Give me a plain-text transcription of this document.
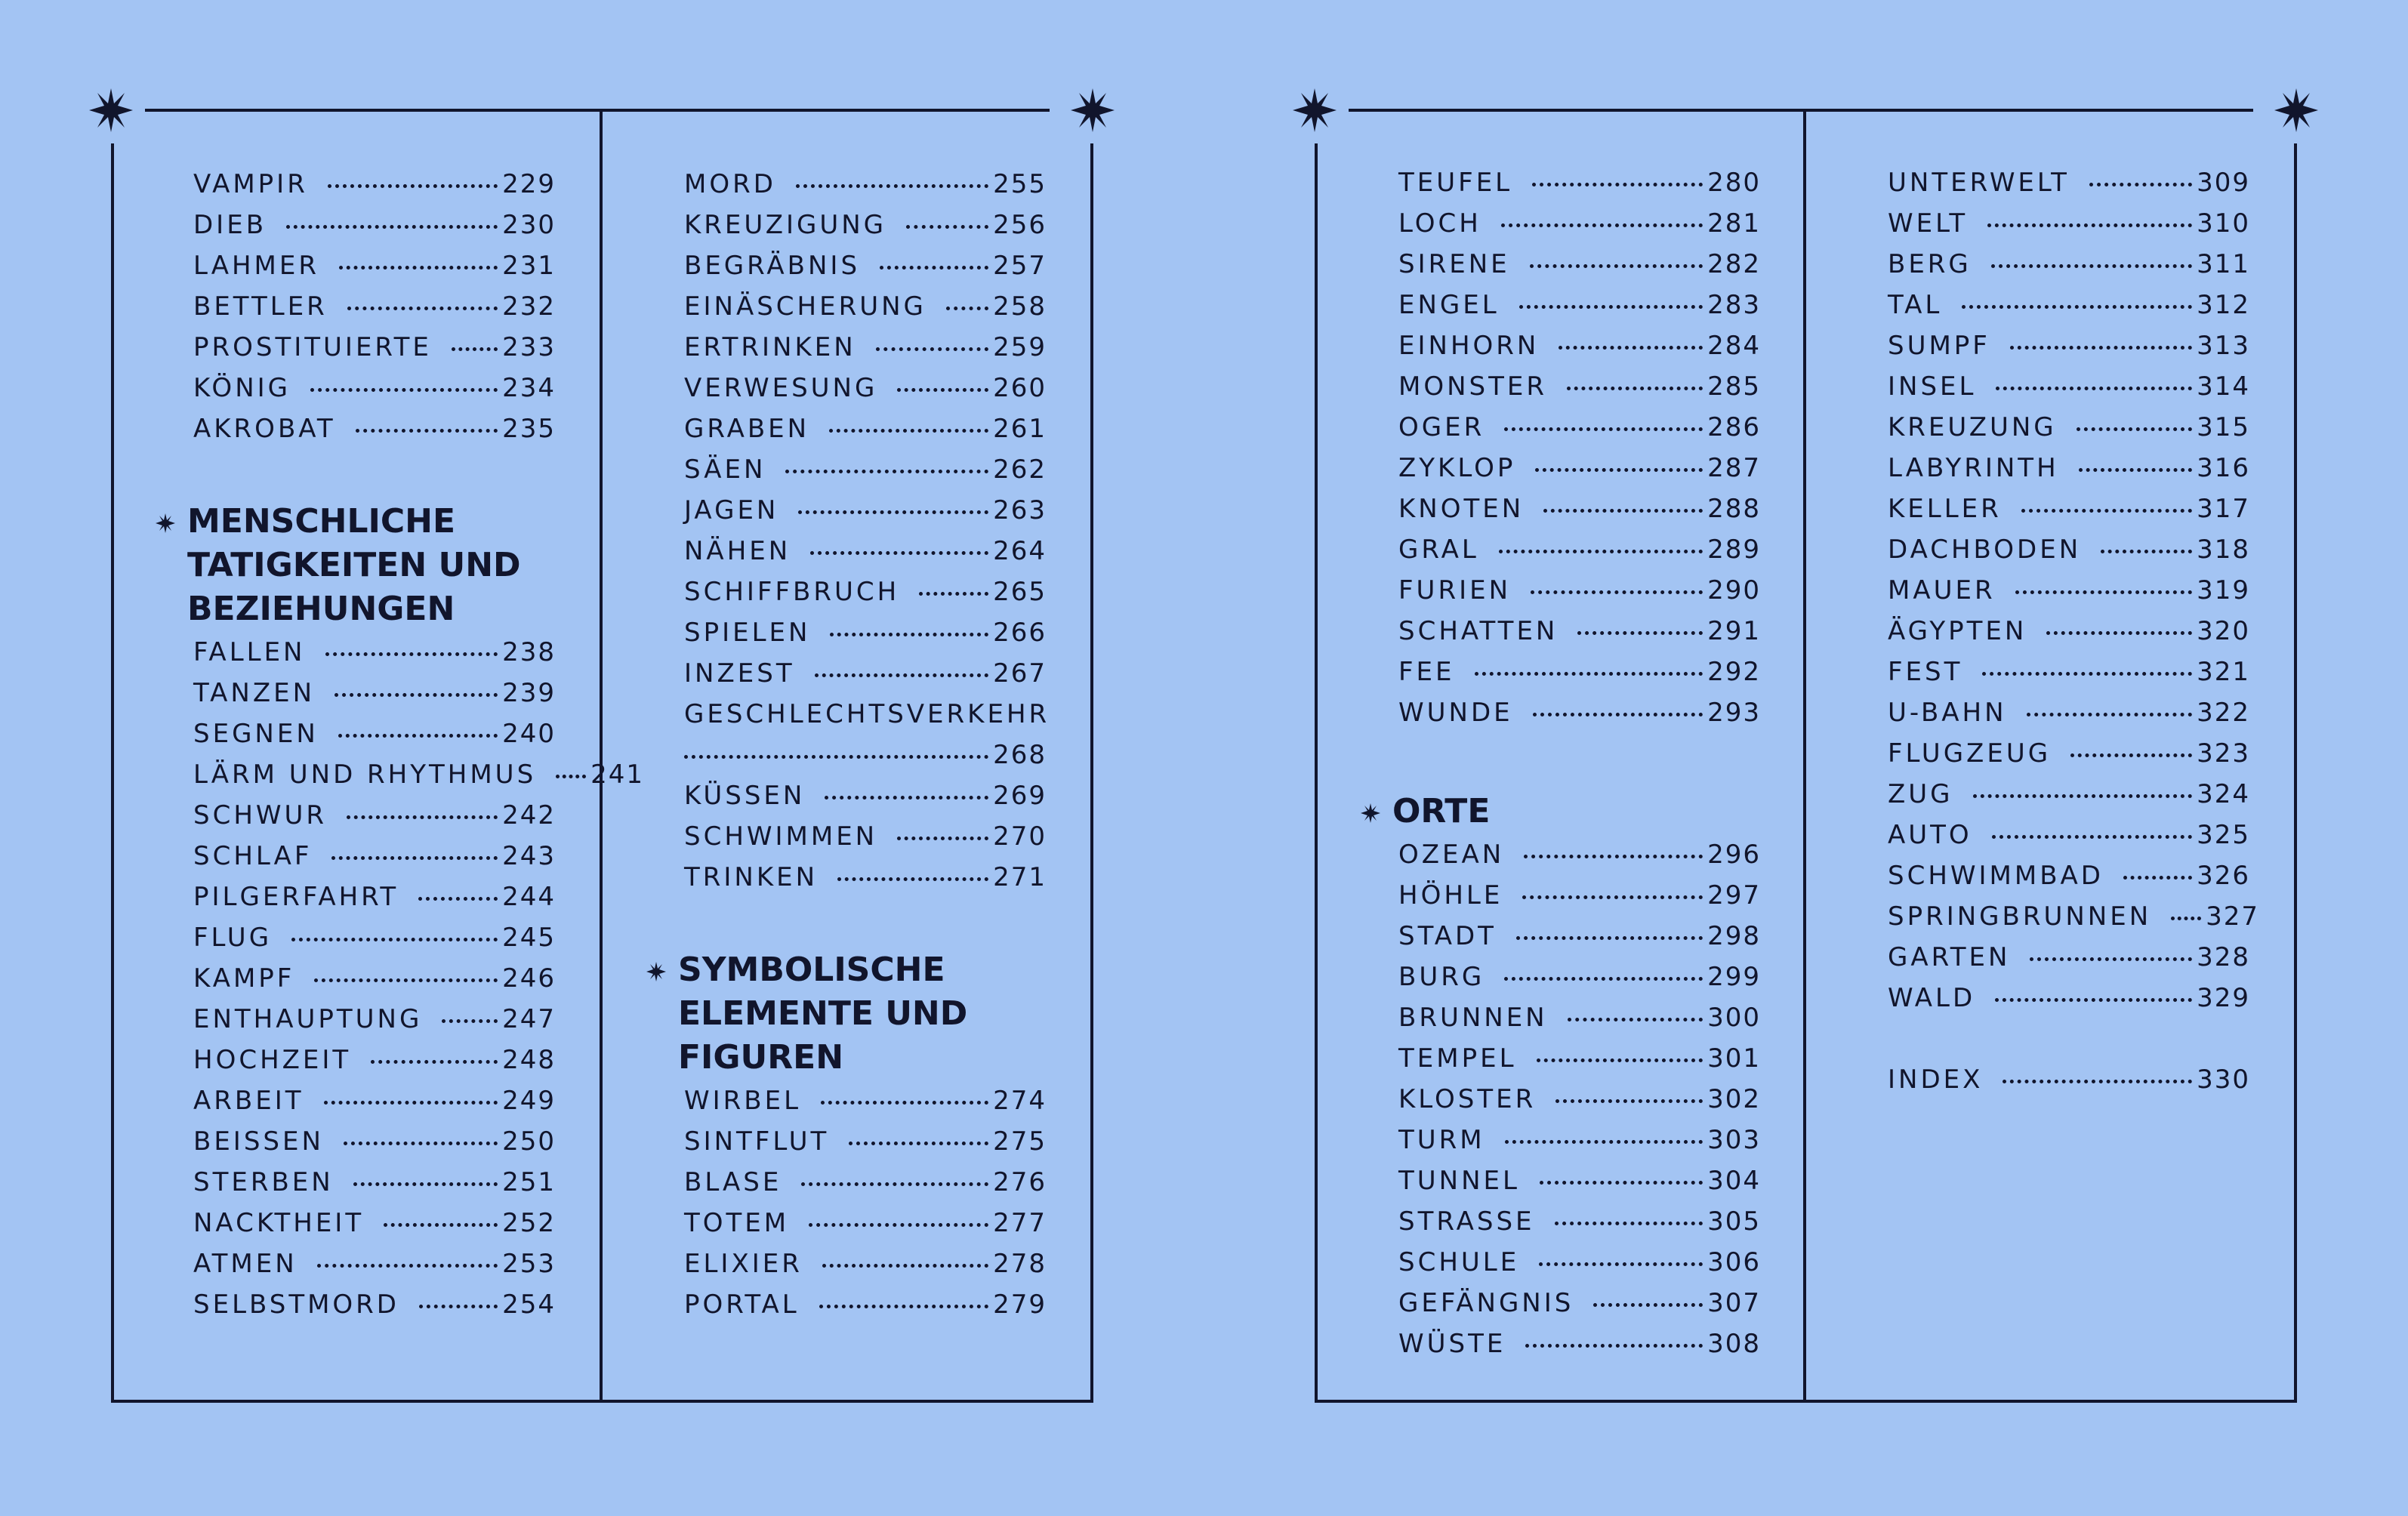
VAMPIR	229
DIEB	230
LAHMER	231
BETTLER	232
PROSTITUIERTE	233
KÖNIG	234
AKROBAT	235
MENSCHLICHE
TATIGKEITEN UND
BEZIEHUNGEN
FALLEN	238
TANZEN	239
SEGNEN	240
LÄRM UND RHYTHMUS 241
SCHWUR	242
SCHLAF	243
PILGERFAHRT	244
FLUG	245
KAMPF	246
ENTHAUPTUNG	247
HOCHZEIT	248
ARBEIT	249
BEISSEN	250
STERBEN	251
NACKTHEIT	252
ATMEN	253
SELBSTMORD	254
MORD	255
KREUZIGUNG	256
BEGRÄBNIS	257
EINÄSCHERUNG	258
ERTRINKEN	259
VERWESUNG	260
GRABEN	261
SÄEN	262
JAGEN	263
NÄHEN	264
SCHIFFBRUCH	265
SPIELEN	266
INZEST	267
GESCHLECHTSVERKEHR
268
KÜSSEN	269
SCHWIMMEN	270
TRINKEN	271
SYMBOLISCHE
ELEMENTE UND
FIGUREN
WIRBEL	274
SINTFLUT	275
BLASE	276
TOTEM	277
ELIXIER	278
PORTAL	279
TEUFEL	280
LOCH	281
SIRENE	282
ENGEL	283
EINHORN	284
MONSTER	285
OGER	286
ZYKLOP	287
KNOTEN	288
GRAL	289
FURIEN	290
SCHATTEN	291
FEE	292
WUNDE	293
ORTE
OZEAN	296
HÖHLE	297
STADT	298
BURG	299
BRUNNEN	300
TEMPEL	301
KLOSTER	302
TURM	303
TUNNEL	304
STRASSE	305
SCHULE	306
GEFÄNGNIS	307
WÜSTE	308
UNTERWELT	309
WELT	310
BERG	311
TAL	312
SUMPF	313
INSEL	314
KREUZUNG	315
LABYRINTH	316
KELLER	317
DACHBODEN	318
MAUER	319
ÄGYPTEN	320
FEST	321
U-BAHN	322
FLUGZEUG	323
ZUG	324
AUTO	325
SCHWIMMBAD	326
SPRINGBRUNNEN 327
GARTEN	328
WALD	329
INDEX	330
